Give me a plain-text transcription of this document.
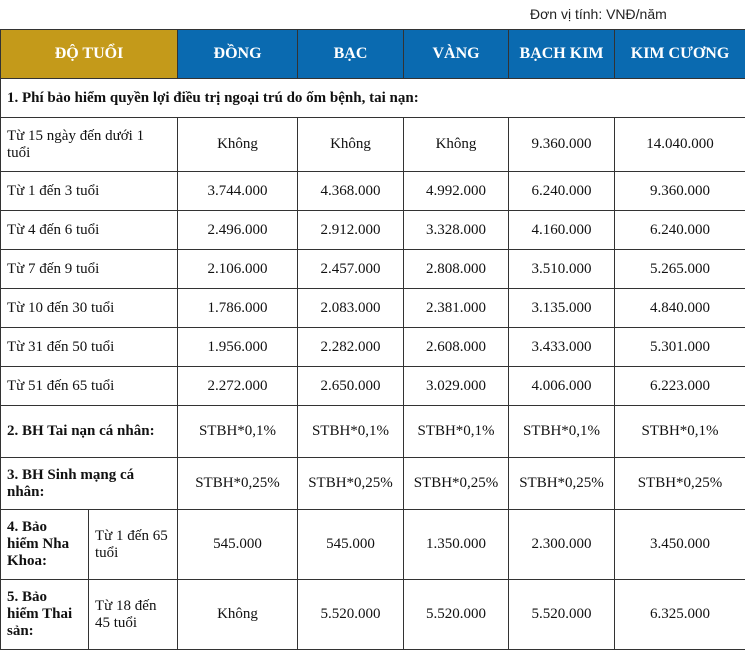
Đơn vị tính: VNĐ/năm
ĐỘ TUỔI		ĐỒNG	BẠC	VÀNG	BẠCH KIM	KIM CƯƠNG
1. Phí bảo hiểm quyền lợi điều trị ngoại trú do ốm bệnh, tai nạn:						
Từ 15 ngày đến dưới 1 tuổi		Không	Không	Không	9.360.000	14.040.000
Từ 1 đến 3 tuổi		3.744.000	4.368.000	4.992.000	6.240.000	9.360.000
Từ 4 đến 6 tuổi		2.496.000	2.912.000	3.328.000	4.160.000	6.240.000
Từ 7 đến 9 tuổi		2.106.000	2.457.000	2.808.000	3.510.000	5.265.000
Từ 10 đến 30 tuổi		1.786.000	2.083.000	2.381.000	3.135.000	4.840.000
Từ 31 đến 50 tuổi		1.956.000	2.282.000	2.608.000	3.433.000	5.301.000
Từ 51 đến 65 tuổi		2.272.000	2.650.000	3.029.000	4.006.000	6.223.000
2. BH Tai nạn cá nhân:		STBH*0,1%	STBH*0,1%	STBH*0,1%	STBH*0,1%	STBH*0,1%
3. BH Sinh mạng cá nhân:		STBH*0,25%	STBH*0,25%	STBH*0,25%	STBH*0,25%	STBH*0,25%
4. Bảo hiểm Nha Khoa:	Từ 1 đến 65 tuổi	545.000	545.000	1.350.000	2.300.000	3.450.000
5. Bảo hiểm Thai sản:	Từ 18 đến 45 tuổi	Không	5.520.000	5.520.000	5.520.000	6.325.000
